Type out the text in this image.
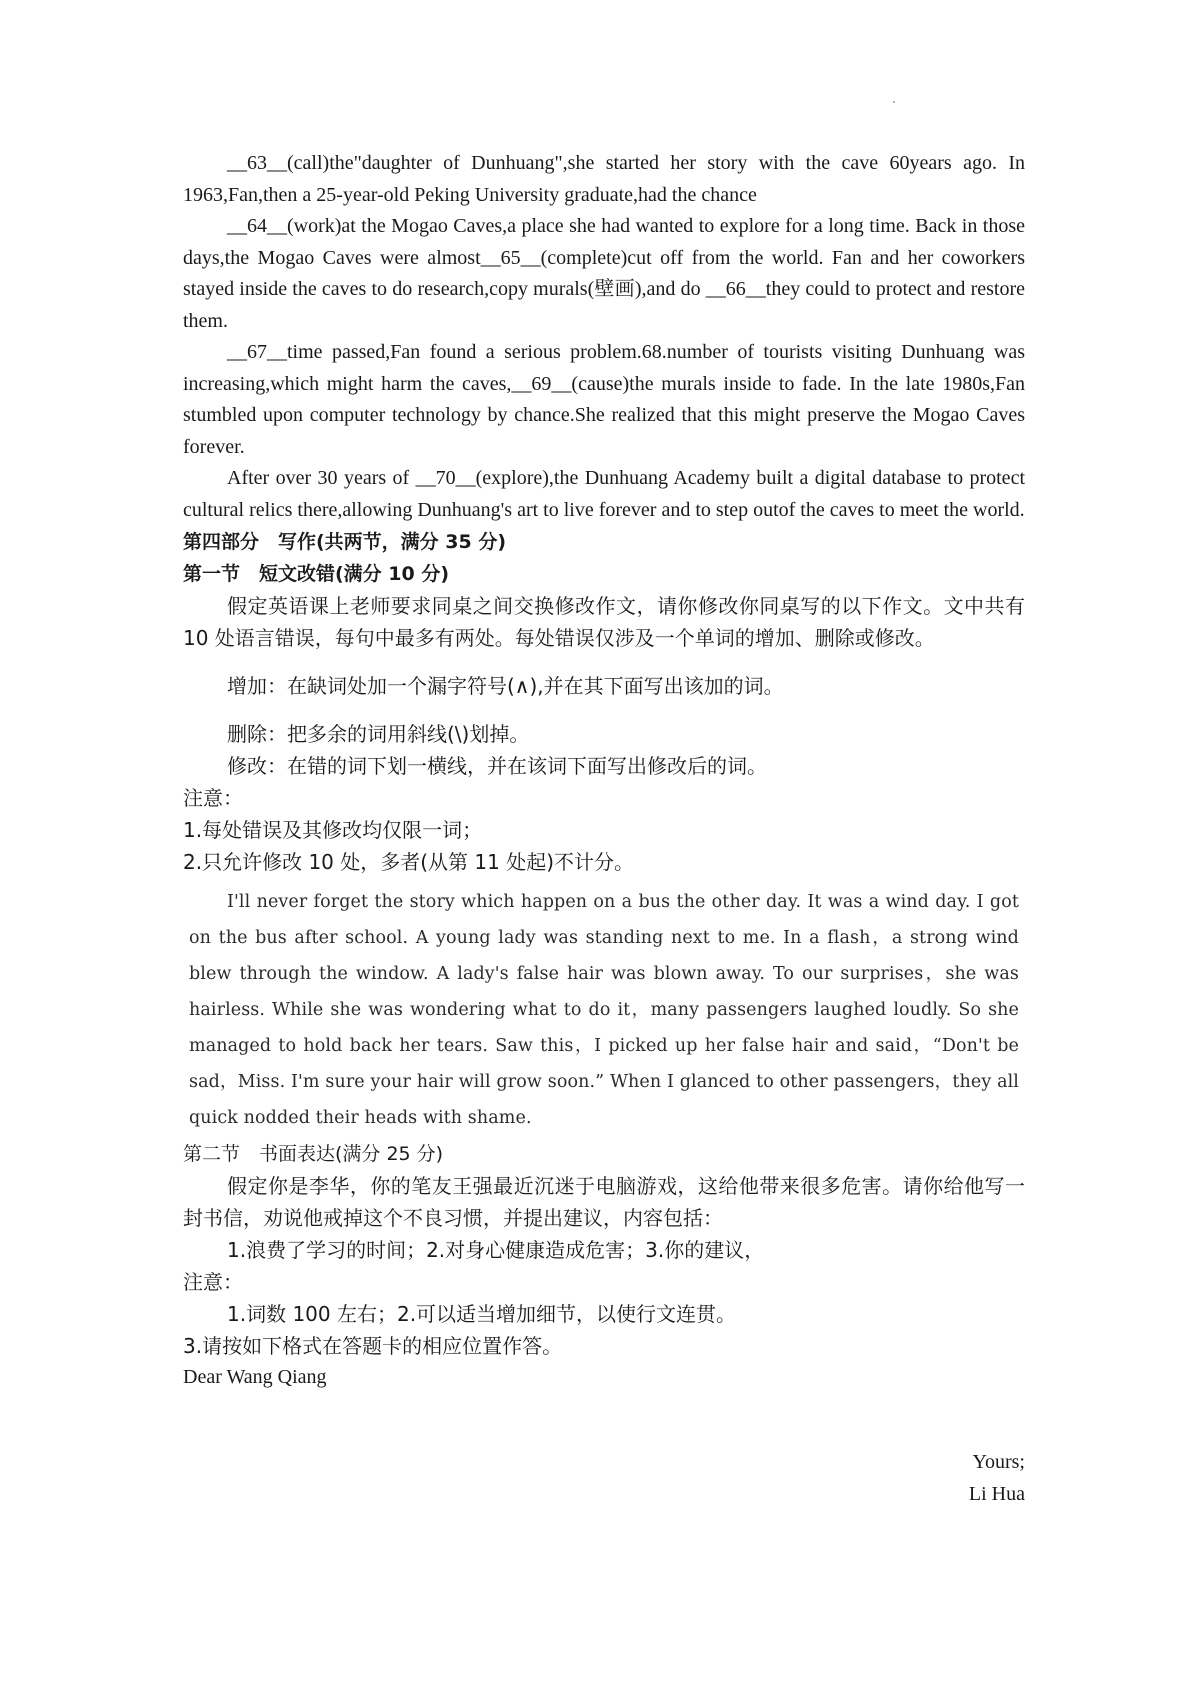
__63__(call)the"daughter of Dunhuang",she started her story with the cave 60years ago. In 1963,Fan,then a 25-year-old Peking University graduate,had the chance

__64__(work)at the Mogao Caves,a place she had wanted to explore for a long time. Back in those days,the Mogao Caves were almost__65__(complete)cut off from the world. Fan and her coworkers stayed inside the caves to do research,copy murals(壁画),and do __66__they could to protect and restore them.

__67__time passed,Fan found a serious problem.68.number of tourists visiting Dunhuang was increasing,which might harm the caves,__69__(cause)the murals inside to fade. In the late 1980s,Fan stumbled upon computer technology by chance.She realized that this might preserve the Mogao Caves forever.

After over 30 years of __70__(explore),the Dunhuang Academy built a digital database to protect cultural relics there,allowing Dunhuang's art to live forever and to step outof the caves to meet the world.

第四部分　写作(共两节，满分 35 分)

第一节　短文改错(满分 10 分)

假定英语课上老师要求同桌之间交换修改作文，请你修改你同桌写的以下作文。文中共有 10 处语言错误，每句中最多有两处。每处错误仅涉及一个单词的增加、删除或修改。

增加：在缺词处加一个漏字符号(∧),并在其下面写出该加的词。

删除：把多余的词用斜线(\)划掉。

修改：在错的词下划一横线，并在该词下面写出修改后的词。

注意：

1.每处错误及其修改均仅限一词；

2.只允许修改 10 处，多者(从第 11 处起)不计分。

I'll never forget the story which happen on a bus the other day. It was a wind day. I got on the bus after school. A young lady was standing next to me. In a flash，a strong wind blew through the window. A lady's false hair was blown away. To our surprises，she was hairless. While she was wondering what to do it，many passengers laughed loudly. So she managed to hold back her tears. Saw this，I picked up her false hair and said，“Don't be sad，Miss. I'm sure your hair will grow soon.” When I glanced to other passengers，they all quick nodded their heads with shame.

第二节　书面表达(满分 25 分)

假定你是李华，你的笔友王强最近沉迷于电脑游戏，这给他带来很多危害。请你给他写一封书信，劝说他戒掉这个不良习惯，并提出建议，内容包括：

1.浪费了学习的时间；2.对身心健康造成危害；3.你的建议，

注意：

1.词数 100 左右；2.可以适当增加细节，以使行文连贯。

3.请按如下格式在答题卡的相应位置作答。

Dear Wang Qiang

Yours;

Li Hua
